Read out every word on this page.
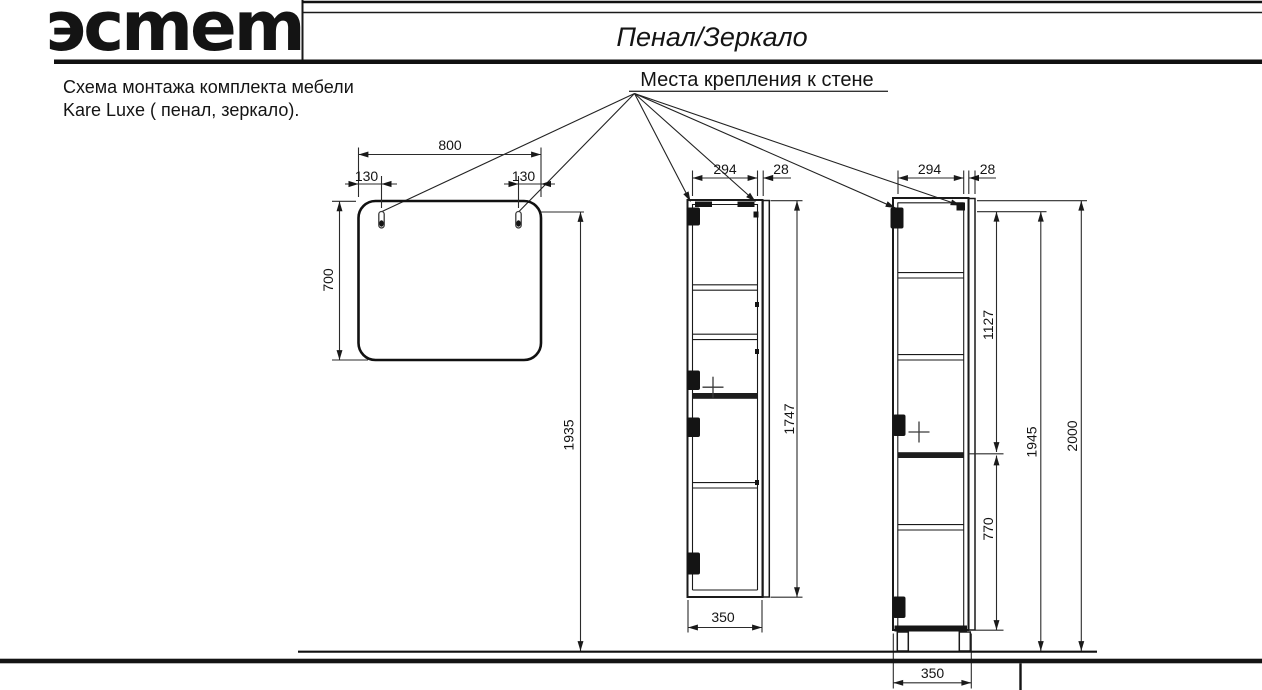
эcmem	Пенал/Зеркало
Схема монтажа комплекта мебели
Kare Luxe ( пенал, зеркало).
Места крепления к стене
800
130	130
700
1935
294	28
1747
350
294	28
1127
770
1945 2000
350
